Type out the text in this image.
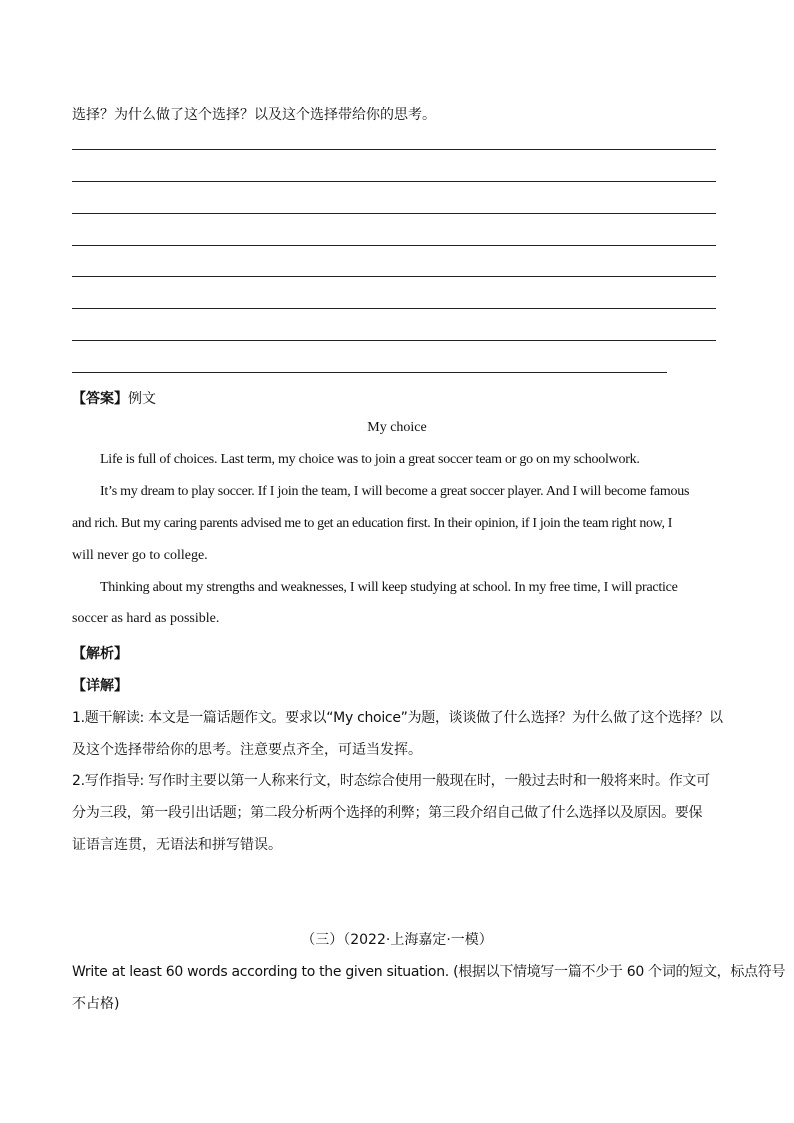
选择？为什么做了这个选择？以及这个选择带给你的思考。
【答案】例文
My choice
Life is full of choices. Last term, my choice was to join a great soccer team or go on my schoolwork.
It’s my dream to play soccer. If I join the team, I will become a great soccer player. And I will become famous
and rich. But my caring parents advised me to get an education first. In their opinion, if I join the team right now, I
will never go to college.
Thinking about my strengths and weaknesses, I will keep studying at school. In my free time, I will practice
soccer as hard as possible.
【解析】
【详解】
1.题干解读: 本文是一篇话题作文。要求以“My choice”为题，谈谈做了什么选择？为什么做了这个选择？以
及这个选择带给你的思考。注意要点齐全，可适当发挥。
2.写作指导: 写作时主要以第一人称来行文，时态综合使用一般现在时，一般过去时和一般将来时。作文可
分为三段，第一段引出话题；第二段分析两个选择的利弊；第三段介绍自己做了什么选择以及原因。要保
证语言连贯，无语法和拼写错误。
（三）（2022·上海嘉定·一模）
Write at least 60 words according to the given situation. (根据以下情境写一篇不少于 60 个词的短文，标点符号
不占格)
